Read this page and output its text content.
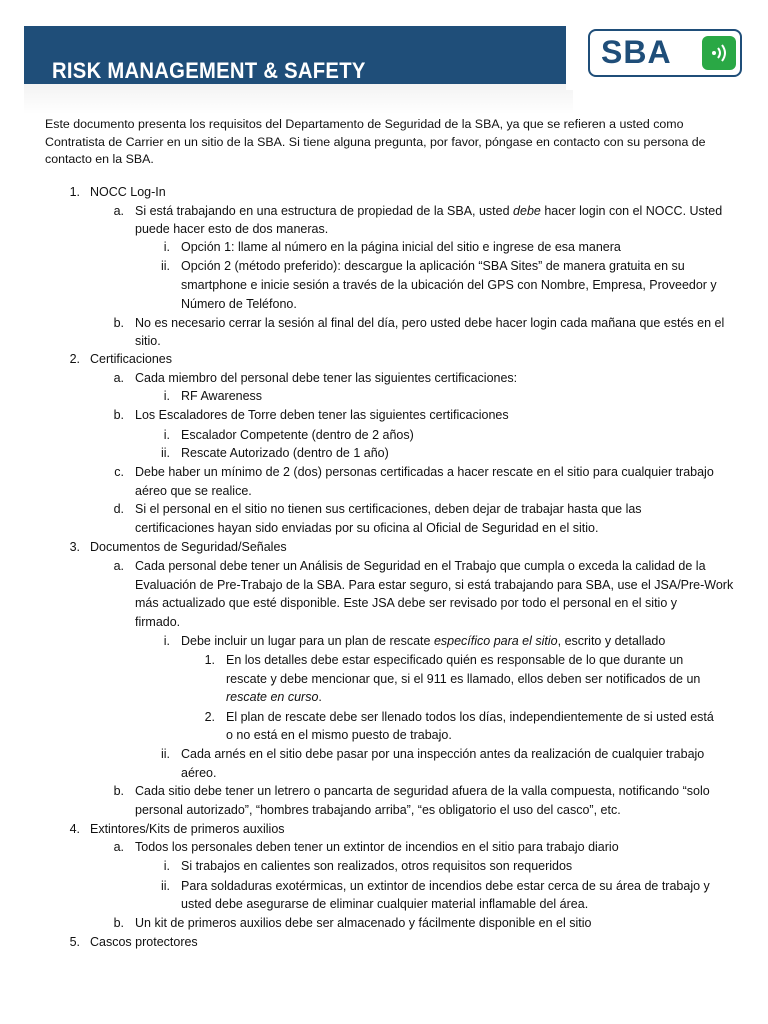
RISK MANAGEMENT & SAFETY
SBA
Este documento presenta los requisitos del Departamento de Seguridad de la SBA, ya que se refieren a usted como Contratista de Carrier en un sitio de la SBA. Si tiene alguna pregunta, por favor, póngase en contacto con su persona de contacto en la SBA.
1. NOCC Log-In
a. Si está trabajando en una estructura de propiedad de la SBA, usted debe hacer login con el NOCC. Usted
puede hacer esto de dos maneras.
i. Opción 1: llame al número en la página inicial del sitio e ingrese de esa manera
ii. Opción 2 (método preferido): descargue la aplicación “SBA Sites” de manera gratuita en su
smartphone e inicie sesión a través de la ubicación del GPS con Nombre, Empresa, Proveedor y
Número de Teléfono.
b. No es necesario cerrar la sesión al final del día, pero usted debe hacer login cada mañana que estés en el
sitio.
2. Certificaciones
a. Cada miembro del personal debe tener las siguientes certificaciones:
i. RF Awareness
b. Los Escaladores de Torre deben tener las siguientes certificaciones
i. Escalador Competente (dentro de 2 años)
ii. Rescate Autorizado (dentro de 1 año)
c. Debe haber un mínimo de 2 (dos) personas certificadas a hacer rescate en el sitio para cualquier trabajo
aéreo que se realice.
d. Si el personal en el sitio no tienen sus certificaciones, deben dejar de trabajar hasta que las
certificaciones hayan sido enviadas por su oficina al Oficial de Seguridad en el sitio.
3. Documentos de Seguridad/Señales
a. Cada personal debe tener un Análisis de Seguridad en el Trabajo que cumpla o exceda la calidad de la
Evaluación de Pre-Trabajo de la SBA. Para estar seguro, si está trabajando para SBA, use el JSA/Pre-Work
más actualizado que esté disponible. Este JSA debe ser revisado por todo el personal en el sitio y
firmado.
i. Debe incluir un lugar para un plan de rescate específico para el sitio, escrito y detallado
1. En los detalles debe estar especificado quién es responsable de lo que durante un
rescate y debe mencionar que, si el 911 es llamado, ellos deben ser notificados de un
rescate en curso.
2. El plan de rescate debe ser llenado todos los días, independientemente de si usted está
o no está en el mismo puesto de trabajo.
ii. Cada arnés en el sitio debe pasar por una inspección antes da realización de cualquier trabajo
aéreo.
b. Cada sitio debe tener un letrero o pancarta de seguridad afuera de la valla compuesta, notificando “solo
personal autorizado”, “hombres trabajando arriba”, “es obligatorio el uso del casco”, etc.
4. Extintores/Kits de primeros auxilios
a. Todos los personales deben tener un extintor de incendios en el sitio para trabajo diario
i. Si trabajos en calientes son realizados, otros requisitos son requeridos
ii. Para soldaduras exotérmicas, un extintor de incendios debe estar cerca de su área de trabajo y
usted debe asegurarse de eliminar cualquier material inflamable del área.
b. Un kit de primeros auxilios debe ser almacenado y fácilmente disponible en el sitio
5. Cascos protectores
